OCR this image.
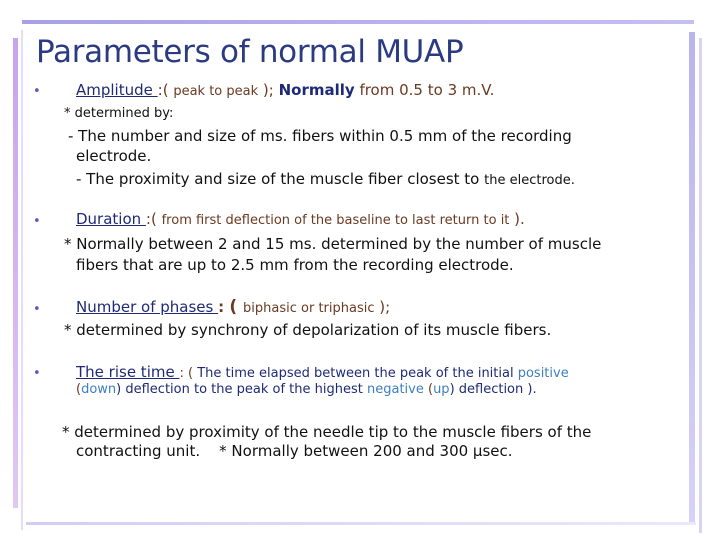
Parameters of normal MUAP
• Amplitude :( peak to peak ); Normally from 0.5 to 3 m.V.
* determined by:
- The number and size of ms. fibers within 0.5 mm of the recording
electrode.
- The proximity and size of the muscle fiber closest to the electrode.
• Duration :( from first deflection of the baseline to last return to it ).
* Normally between 2 and 15 ms. determined by the number of muscle
fibers that are up to 2.5 mm from the recording electrode.
• Number of phases : ( biphasic or triphasic );
* determined by synchrony of depolarization of its muscle fibers.
• The rise time : ( The time elapsed between the peak of the initial positive
(down) deflection to the peak of the highest negative (up) deflection ).
* determined by proximity of the needle tip to the muscle fibers of the
contracting unit.    * Normally between 200 and 300 μsec.
